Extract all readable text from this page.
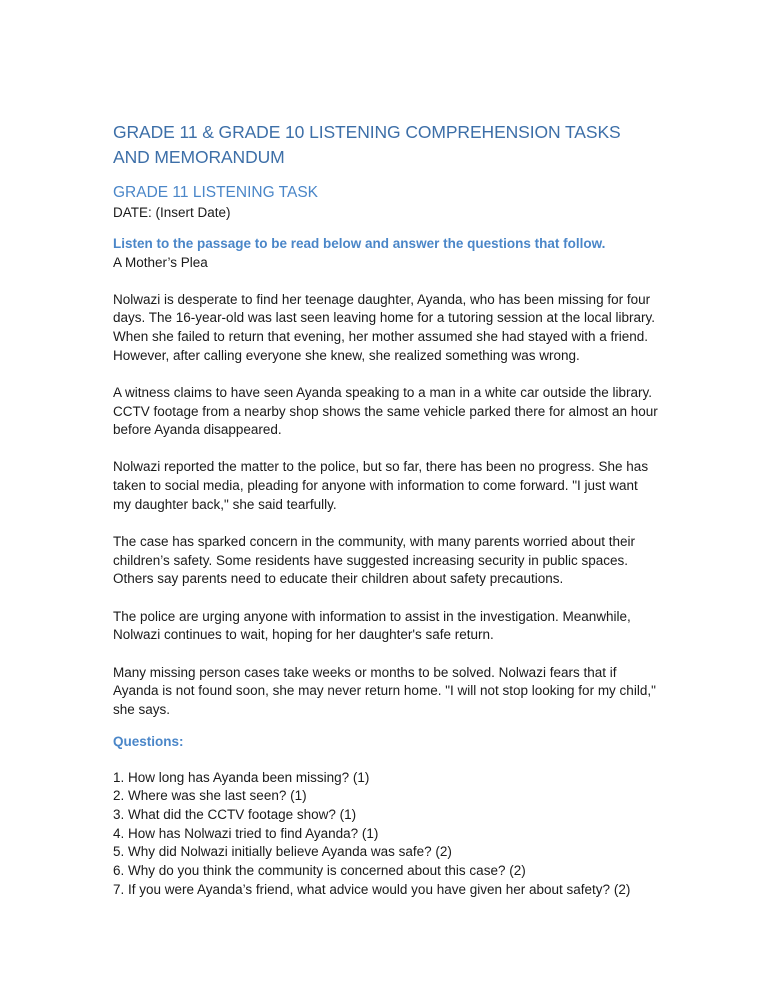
GRADE 11 & GRADE 10 LISTENING COMPREHENSION TASKS AND MEMORANDUM
GRADE 11 LISTENING TASK

DATE: (Insert Date)

Listen to the passage to be read below and answer the questions that follow.

A Mother’s Plea

Nolwazi is desperate to find her teenage daughter, Ayanda, who has been missing for four days. The 16-year-old was last seen leaving home for a tutoring session at the local library. When she failed to return that evening, her mother assumed she had stayed with a friend. However, after calling everyone she knew, she realized something was wrong.

A witness claims to have seen Ayanda speaking to a man in a white car outside the library. CCTV footage from a nearby shop shows the same vehicle parked there for almost an hour before Ayanda disappeared.

Nolwazi reported the matter to the police, but so far, there has been no progress. She has taken to social media, pleading for anyone with information to come forward. "I just want my daughter back," she said tearfully.

The case has sparked concern in the community, with many parents worried about their children’s safety. Some residents have suggested increasing security in public spaces. Others say parents need to educate their children about safety precautions.

The police are urging anyone with information to assist in the investigation. Meanwhile, Nolwazi continues to wait, hoping for her daughter's safe return.

Many missing person cases take weeks or months to be solved. Nolwazi fears that if Ayanda is not found soon, she may never return home. "I will not stop looking for my child," she says.

Questions:

1. How long has Ayanda been missing? (1)
2. Where was she last seen? (1)
3. What did the CCTV footage show? (1)
4. How has Nolwazi tried to find Ayanda? (1)
5. Why did Nolwazi initially believe Ayanda was safe? (2)
6. Why do you think the community is concerned about this case? (2)
7. If you were Ayanda’s friend, what advice would you have given her about safety? (2)
